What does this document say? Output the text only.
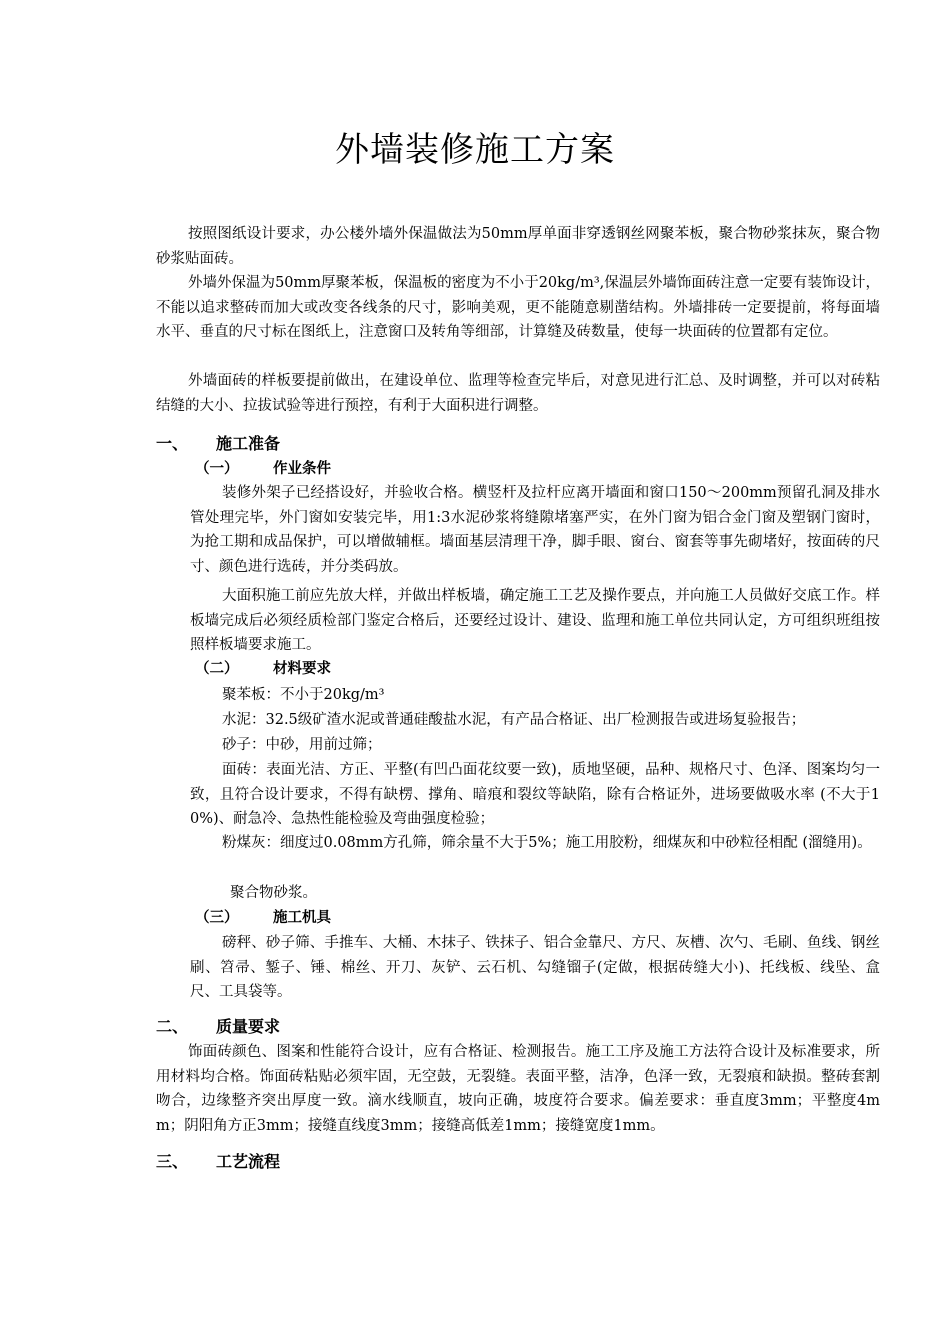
外墙装修施工方案

按照图纸设计要求，办公楼外墙外保温做法为50mm厚单面非穿透钢丝网聚苯板，聚合物砂浆抹灰，聚合物砂浆贴面砖。

外墙外保温为50mm厚聚苯板，保温板的密度为不小于20kg/m³,保温层外墙饰面砖注意一定要有装饰设计，不能以追求整砖而加大或改变各线条的尺寸，影响美观，更不能随意剔凿结构。外墙排砖一定要提前，将每面墙水平、垂直的尺寸标在图纸上，注意窗口及转角等细部，计算缝及砖数量，使每一块面砖的位置都有定位。

外墙面砖的样板要提前做出，在建设单位、监理等检查完毕后，对意见进行汇总、及时调整，并可以对砖粘结缝的大小、拉拔试验等进行预控，有利于大面积进行调整。

一、 施工准备
（一） 作业条件

装修外架子已经搭设好，并验收合格。横竖杆及拉杆应离开墙面和窗口150～200mm预留孔洞及排水管处理完毕，外门窗如安装完毕，用1:3水泥砂浆将缝隙堵塞严实，在外门窗为铝合金门窗及塑钢门窗时，为抢工期和成品保护，可以增做辅框。墙面基层清理干净，脚手眼、窗台、窗套等事先砌堵好，按面砖的尺寸、颜色进行选砖，并分类码放。

大面积施工前应先放大样，并做出样板墙，确定施工工艺及操作要点，并向施工人员做好交底工作。样板墙完成后必须经质检部门鉴定合格后，还要经过设计、建设、监理和施工单位共同认定，方可组织班组按照样板墙要求施工。

（二） 材料要求

聚苯板：不小于20kg/m³

水泥：32.5级矿渣水泥或普通硅酸盐水泥，有产品合格证、出厂检测报告或进场复验报告；

砂子：中砂，用前过筛；

面砖：表面光洁、方正、平整(有凹凸面花纹要一致)，质地坚硬，品种、规格尺寸、色泽、图案均匀一致，且符合设计要求，不得有缺楞、撑角、暗痕和裂纹等缺陷，除有合格证外，进场要做吸水率 (不大于10%)、耐急冷、急热性能检验及弯曲强度检验；

粉煤灰：细度过0.08mm方孔筛，筛余量不大于5%；施工用胶粉，细煤灰和中砂粒径相配 (溜缝用)。

聚合物砂浆。

（三） 施工机具

磅秤、砂子筛、手推车、大桶、木抹子、铁抹子、铝合金靠尺、方尺、灰槽、次勺、毛刷、鱼线、钢丝刷、笤帚、錾子、锤、棉丝、开刀、灰铲、云石机、勾缝镏子(定做，根据砖缝大小)、托线板、线坠、盒尺、工具袋等。

二、 质量要求

饰面砖颜色、图案和性能符合设计，应有合格证、检测报告。施工工序及施工方法符合设计及标准要求，所用材料均合格。饰面砖粘贴必须牢固，无空鼓，无裂缝。表面平整，洁净，色泽一致，无裂痕和缺损。整砖套割吻合，边缘整齐突出厚度一致。滴水线顺直，坡向正确，坡度符合要求。偏差要求：垂直度3mm；平整度4mm；阴阳角方正3mm；接缝直线度3mm；接缝高低差1mm；接缝宽度1mm。

三、 工艺流程
